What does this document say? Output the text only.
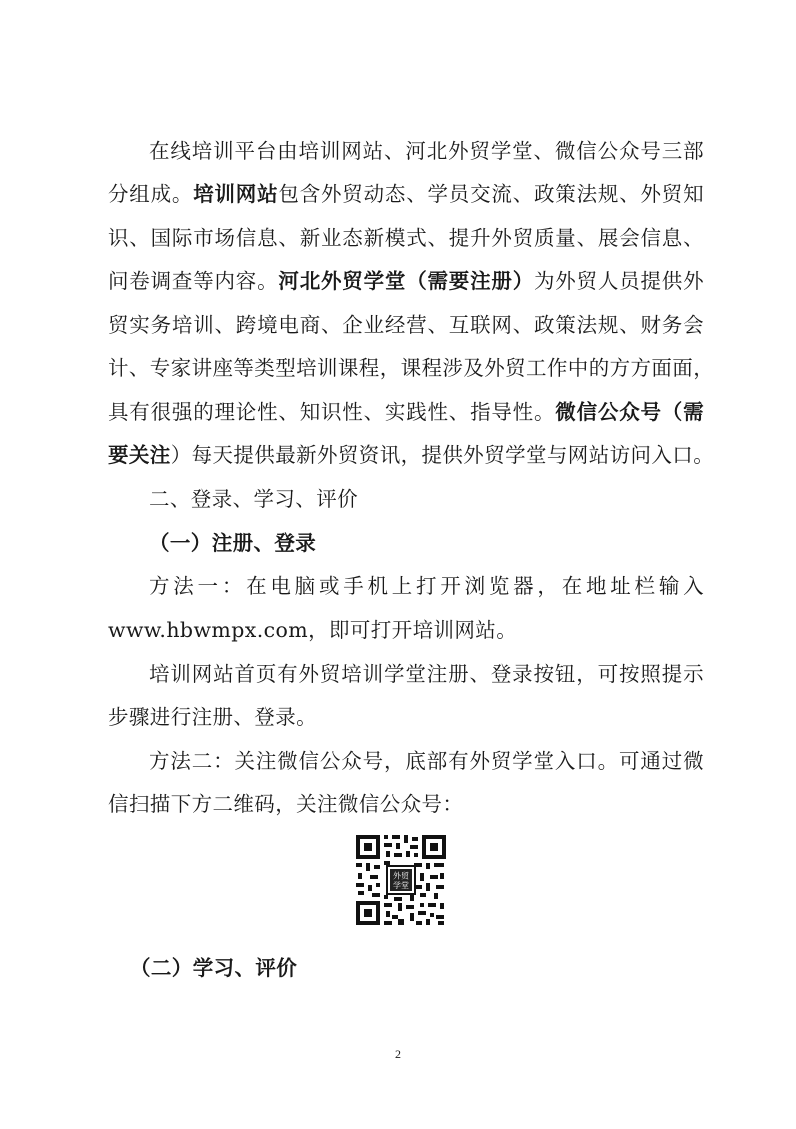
在线培训平台由培训网站、河北外贸学堂、微信公众号三部
分组成。培训网站包含外贸动态、学员交流、政策法规、外贸知
识、国际市场信息、新业态新模式、提升外贸质量、展会信息、
问卷调查等内容。河北外贸学堂（需要注册）为外贸人员提供外
贸实务培训、跨境电商、企业经营、互联网、政策法规、财务会
计、专家讲座等类型培训课程，课程涉及外贸工作中的方方面面，
具有很强的理论性、知识性、实践性、指导性。微信公众号（需
要关注）每天提供最新外贸资讯，提供外贸学堂与网站访问入口。
二、登录、学习、评价
（一）注册、登录
方法一：在电脑或手机上打开浏览器，在地址栏输入
www.hbwmpx.com，即可打开培训网站。
培训网站首页有外贸培训学堂注册、登录按钮，可按照提示
步骤进行注册、登录。
方法二：关注微信公众号，底部有外贸学堂入口。可通过微
信扫描下方二维码，关注微信公众号：
外贸
学堂
（二）学习、评价
2
